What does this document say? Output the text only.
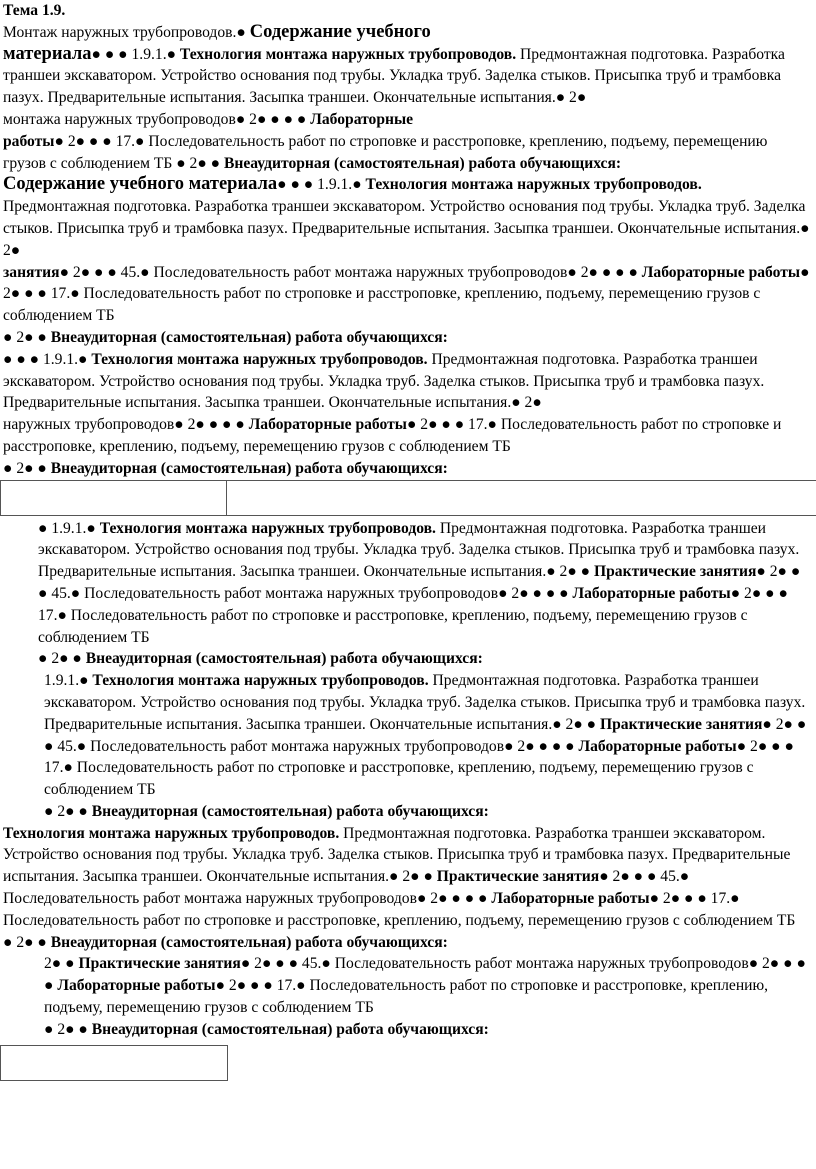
Тема 1.9.
Монтаж наружных трубопроводов.● Содержание учебного
материала● ● ● 1.9.1.● Технология монтажа наружных трубопроводов. Предмонтажная подготовка. Разработка траншеи экскаватором. Устройство основания под трубы. Укладка труб. Заделка стыков. Присыпка труб и трамбовка пазух. Предварительные испытания. Засыпка траншеи. Окончательные испытания.● 2●
монтажа наружных трубопроводов● 2● ● ● ● Лабораторные
работы● 2● ● ● 17.● Последовательность работ по строповке и расстроповке, креплению, подъему, перемещению грузов с соблюдением ТБ ● 2● ● Внеаудиторная (самостоятельная) работа обучающихся:
Содержание учебного материала● ● ● 1.9.1.● Технология монтажа наружных трубопроводов. Предмонтажная подготовка. Разработка траншеи экскаватором. Устройство основания под трубы. Укладка труб. Заделка стыков. Присыпка труб и трамбовка пазух. Предварительные испытания. Засыпка траншеи. Окончательные испытания.● 2●
занятия● 2● ● ● 45.● Последовательность работ монтажа наружных трубопроводов● 2● ● ● ● Лабораторные работы● 2● ● ● 17.● Последовательность работ по строповке и расстроповке, креплению, подъему, перемещению грузов с соблюдением ТБ
● 2● ● Внеаудиторная (самостоятельная) работа обучающихся:
● ● ● 1.9.1.● Технология монтажа наружных трубопроводов. Предмонтажная подготовка. Разработка траншеи экскаватором. Устройство основания под трубы. Укладка труб. Заделка стыков. Присыпка труб и трамбовка пазух. Предварительные испытания. Засыпка траншеи. Окончательные испытания.● 2●
наружных трубопроводов● 2● ● ● ● Лабораторные работы● 2● ● ● 17.● Последовательность работ по строповке и расстроповке, креплению, подъему, перемещению грузов с соблюдением ТБ
● 2● ● Внеаудиторная (самостоятельная) работа обучающихся:
● 1.9.1.● Технология монтажа наружных трубопроводов. Предмонтажная подготовка. Разработка траншеи экскаватором. Устройство основания под трубы. Укладка труб. Заделка стыков. Присыпка труб и трамбовка пазух. Предварительные испытания. Засыпка траншеи. Окончательные испытания.● 2● ● Практические занятия● 2● ● ● 45.● Последовательность работ монтажа наружных трубопроводов● 2● ● ● ● Лабораторные работы● 2● ● ● 17.● Последовательность работ по строповке и расстроповке, креплению, подъему, перемещению грузов с соблюдением ТБ
● 2● ● Внеаудиторная (самостоятельная) работа обучающихся:
1.9.1.● Технология монтажа наружных трубопроводов. Предмонтажная подготовка. Разработка траншеи экскаватором. Устройство основания под трубы. Укладка труб. Заделка стыков. Присыпка труб и трамбовка пазух. Предварительные испытания. Засыпка траншеи. Окончательные испытания.● 2● ● Практические занятия● 2● ● ● 45.● Последовательность работ монтажа наружных трубопроводов● 2● ● ● ● Лабораторные работы● 2● ● ● 17.● Последовательность работ по строповке и расстроповке, креплению, подъему, перемещению грузов с соблюдением ТБ
● 2● ● Внеаудиторная (самостоятельная) работа обучающихся:
Технология монтажа наружных трубопроводов. Предмонтажная подготовка. Разработка траншеи экскаватором. Устройство основания под трубы. Укладка труб. Заделка стыков. Присыпка труб и трамбовка пазух. Предварительные испытания. Засыпка траншеи. Окончательные испытания.● 2● ● Практические занятия● 2● ● ● 45.● Последовательность работ монтажа наружных трубопроводов● 2● ● ● ● Лабораторные работы● 2● ● ● 17.● Последовательность работ по строповке и расстроповке, креплению, подъему, перемещению грузов с соблюдением ТБ
● 2● ● Внеаудиторная (самостоятельная) работа обучающихся:
2● ● Практические занятия● 2● ● ● 45.● Последовательность работ монтажа наружных трубопроводов● 2● ● ● ● Лабораторные работы● 2● ● ● 17.● Последовательность работ по строповке и расстроповке, креплению, подъему, перемещению грузов с соблюдением ТБ
● 2● ● Внеаудиторная (самостоятельная) работа обучающихся:
